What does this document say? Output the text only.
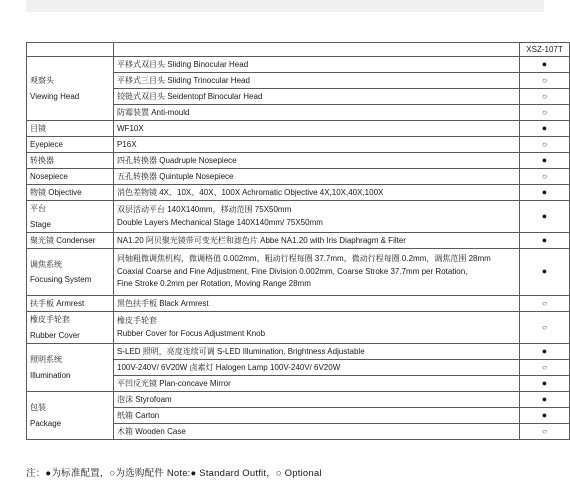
		XSZ-107T
观察头
Viewing Head	平移式双目头 Sliding Binocular Head	●
	平移式三目头 Sliding Trinocular Head	○
	铰链式双目头 Seidentopf Binocular Head	○
	防霉装置 Anti-mould	○
目镜	WF10X	●
Eyepiece	P16X	○
转换器	四孔转换器 Quadruple Nosepiece	●
Nosepiece	五孔转换器 Quintuple Nosepiece	○
物镜 Objective	消色差物镜 4X、10X、40X、100X Achromatic Objective 4X,10X,40X,100X	●
平台
Stage	双层活动平台 140X140mm，移动范围 75X50mm
Double Layers Mechanical Stage 140X140mm/ 75X50mm	●
聚光镜 Condenser	NA1.20 阿贝聚光镜带可变光栏和滤色片 Abbe NA1.20 with Iris Diaphragm & Filter	●
调焦系统
Focusing System	同轴粗微调焦机构，微调格值 0.002mm，粗动行程每圈 37.7mm，微动行程每圈 0.2mm，调焦范围 28mm
Coaxial Coarse and Fine Adjustment, Fine Division 0.002mm, Coarse Stroke 37.7mm per Rotation,
Fine Stroke 0.2mm per Rotation, Moving Range 28mm	●
扶手板 Armrest	黑色扶手板 Black Armrest	○
橡皮手轮套
Rubber Cover	橡皮手轮套
Rubber Cover for Focus Adjustment Knob	○
照明系统
Illumination	S-LED 照明，亮度连续可调 S-LED Illumination, Brightness Adjustable	●
	100V-240V/ 6V20W 卤素灯 Halogen Lamp 100V-240V/ 6V20W	○
	平凹反光镜 Plan-concave Mirror	●
包装
Package	泡沫 Styrofoam	●
	纸箱 Carton	●
	木箱 Wooden Case	○
注：●为标准配置，○为选购配件 Note:● Standard Outfit，○ Optional
